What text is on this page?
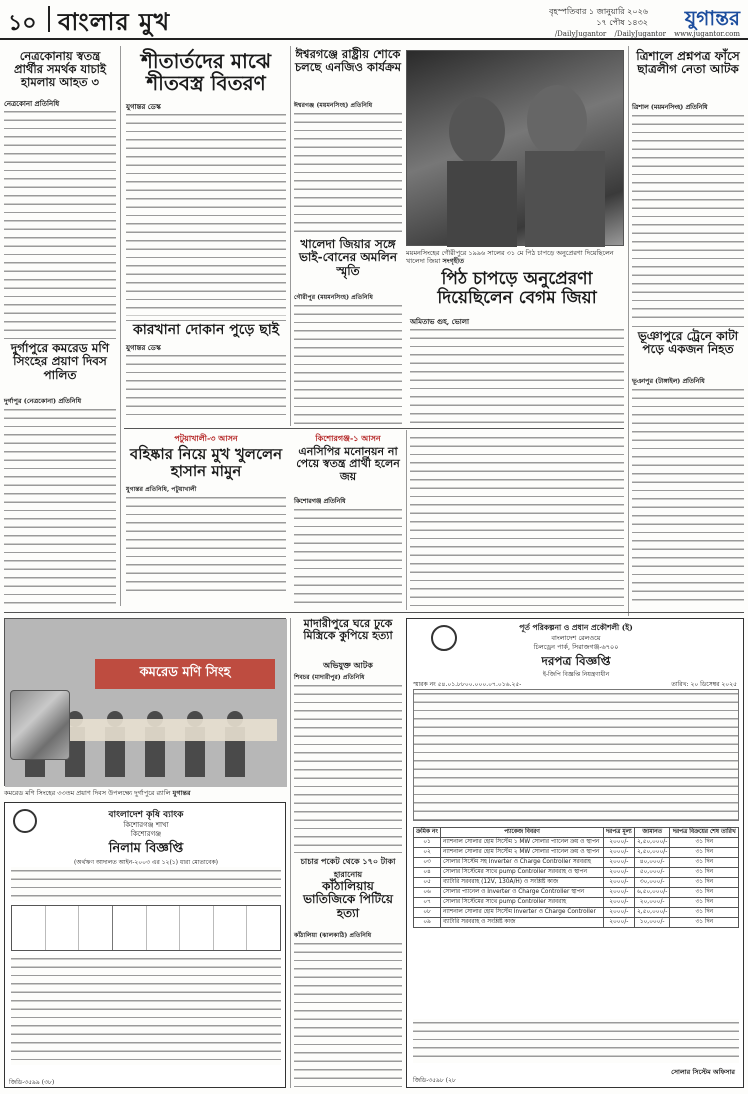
১০ বাংলার মুখ	বৃহস্পতিবার ১ জানুয়ারি ২০২৬
১৭ পৌষ ১৪৩২ যুগান্তর
/DailyJugantor /DailyJugantor www.jugantor.com
নেত্রকোনায় স্বতন্ত্র প্রার্থীর সমর্থক যাচাই হামলায় আহত ৩
নেত্রকোনা প্রতিনিধি
দুর্গাপুরে কমরেড মণি সিংহের প্রয়াণ দিবস পালিত
দুর্গাপুর (নেত্রকোনা) প্রতিনিধি
শীতার্তদের মাঝে শীতবস্ত্র বিতরণ
যুগান্তর ডেস্ক
কারখানা দোকান পুড়ে ছাই
যুগান্তর ডেস্ক
ঈশ্বরগঞ্জে রাষ্ট্রীয় শোকে চলছে এনজিও কার্যক্রম
ঈশ্বরগঞ্জ (ময়মনসিংহ) প্রতিনিধি
ময়মনসিংহের গৌরীপুরে ১৯৯৬ সালের ৩১ মে পিঠ চাপড়ে অনুপ্রেরণা দিয়েছিলেন খালেদা জিয়া সংগৃহীত
খালেদা জিয়ার সঙ্গে ভাই-বোনের অমলিন স্মৃতি
গৌরীপুর (ময়মনসিংহ) প্রতিনিধি
পিঠ চাপড়ে অনুপ্রেরণা দিয়েছিলেন বেগম জিয়া
অমিতাভ গুহ, ভোলা
ত্রিশালে প্রশ্নপত্র ফাঁসে ছাত্রলীগ নেতা আটক
ত্রিশাল (ময়মনসিংহ) প্রতিনিধি
ভূঞাপুরে ট্রেনে কাটা পড়ে একজন নিহত
ভূঞাপুর (টাঙ্গাইল) প্রতিনিধি
পটুয়াখালী-৩ আসন
বহিষ্কার নিয়ে মুখ খুললেন হাসান মামুন
যুগান্তর প্রতিনিধি, পটুয়াখালী
কিশোরগঞ্জ-১ আসন
এনসিপির মনোনয়ন না পেয়ে স্বতন্ত্র প্রার্থী হলেন জয়
কিশোরগঞ্জ প্রতিনিধি
কমরেড মণি সিংহ
কমরেড মণি সিংহের ৩৩তম প্রয়াণ দিবস উপলক্ষ্যে দুর্গাপুরে র‌্যালি যুগান্তর
মাদারীপুরে ঘরে ঢুকে মিস্ত্রিকে কুপিয়ে হত্যা
অভিযুক্ত আটক
শিবচর (মাদারীপুর) প্রতিনিধি
চাচার পকেট থেকে ১৭০ টাকা হারানোয়
কাঁঠালিয়ায় ভাতিজিকে পিটিয়ে হত্যা
কাঁঠালিয়া (ঝালকাঠি) প্রতিনিধি
বাংলাদেশ কৃষি ব্যাংক
কিশোরগঞ্জ শাখা
কিশোরগঞ্জ
নিলাম বিজ্ঞপ্তি
(অর্থঋণ আদালত আইন-২০০৩ এর ১২(১) ধারা মোতাবেক)
জিডি-৩৫৯৯ (৩৮)
পূর্ত পরিকল্পনা ও প্রধান প্রকৌশলী (ই)
বাংলাদেশ রেলওয়ে
চিলড্রেন পার্ক, সিরাজগঞ্জ-৬৭০০
দরপত্র বিজ্ঞপ্তি
ই-জিপি বিজ্ঞপ্তি নিয়ন্ত্রণাধীন
স্মারক নং ৫৪.০১.৮৮০০.০০০.০৭.০১৬.২৫-	তারিখ: ২০ ডিসেম্বর ২০২৫
ক্রমিক নং	প্যাকেজ বিবরণ	দরপত্র মূল্য	জামানত	দরপত্র বিক্রয়ের শেষ তারিখ
০১	ন্যাশনাল সোলার হোম সিস্টেম ১ MW সোলার প্যানেল ক্রয় ও স্থাপন	২০০০/-	২,৫০,০০০/-	৩১ দিন
০২	ন্যাশনাল সোলার হোম সিস্টেম ২ MW সোলার প্যানেল ক্রয় ও স্থাপন	২০০০/-	২,৫০,০০০/-	৩১ দিন
০৩	সোলার সিস্টেম সহ Inverter ও Charge Controller সরবরাহ	২০০০/-	৪০,০০০/-	৩১ দিন
০৪	সোলার সিস্টেমের সাথে pump Controller সরবরাহ ও স্থাপন	২০০০/-	৫০,০০০/-	৩১ দিন
০৫	ব্যাটারি সরবরাহ (12V, 130A/H) ও সংশ্লিষ্ট কাজ	২০০০/-	৩০,০০০/-	৩১ দিন
০৬	সোলার প্যানেল ও Inverter ও Charge Controller স্থাপন	২০০০/-	৬,৫০,০০০/-	৩১ দিন
০৭	সোলার সিস্টেমের সাথে pump Controller সরবরাহ	২০০০/-	২০,০০০/-	৩১ দিন
০৮	ন্যাশনাল সোলার হোম সিস্টেম Inverter ও Charge Controller	২০০০/-	২,৫০,০০০/-	৩১ দিন
০৯	ব্যাটারি সরবরাহ ও সংশ্লিষ্ট কাজ	২০০০/-	১০,০০০/-	৩১ দিন
সোলার সিস্টেম অফিসার
জিডি-৩৫৯৮ (২৮
